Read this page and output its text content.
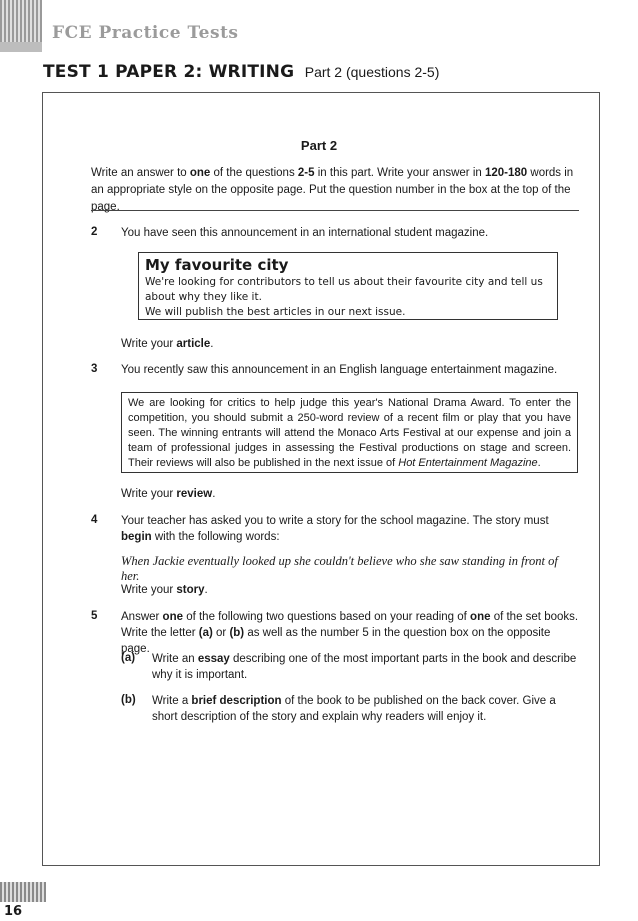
FCE Practice Tests
TEST 1 PAPER 2: WRITING Part 2 (questions 2-5)
Part 2

Write an answer to one of the questions 2-5 in this part. Write your answer in 120-180 words in an appropriate style on the opposite page. Put the question number in the box at the top of the page.

2 You have seen this announcement in an international student magazine.

My favourite city
We're looking for contributors to tell us about their favourite city and tell us about why they like it.
We will publish the best articles in our next issue.

Write your article.

3 You recently saw this announcement in an English language entertainment magazine.

We are looking for critics to help judge this year's National Drama Award. To enter the competition, you should submit a 250-word review of a recent film or play that you have seen. The winning entrants will attend the Monaco Arts Festival at our expense and join a team of professional judges in assessing the Festival productions on stage and screen. Their reviews will also be published in the next issue of Hot Entertainment Magazine.

Write your review.

4 Your teacher has asked you to write a story for the school magazine. The story must begin with the following words:

When Jackie eventually looked up she couldn't believe who she saw standing in front of her.

Write your story.

5 Answer one of the following two questions based on your reading of one of the set books. Write the letter (a) or (b) as well as the number 5 in the question box on the opposite page.

(a) Write an essay describing one of the most important parts in the book and describe why it is important.

(b) Write a brief description of the book to be published on the back cover. Give a short description of the story and explain why readers will enjoy it.

16
